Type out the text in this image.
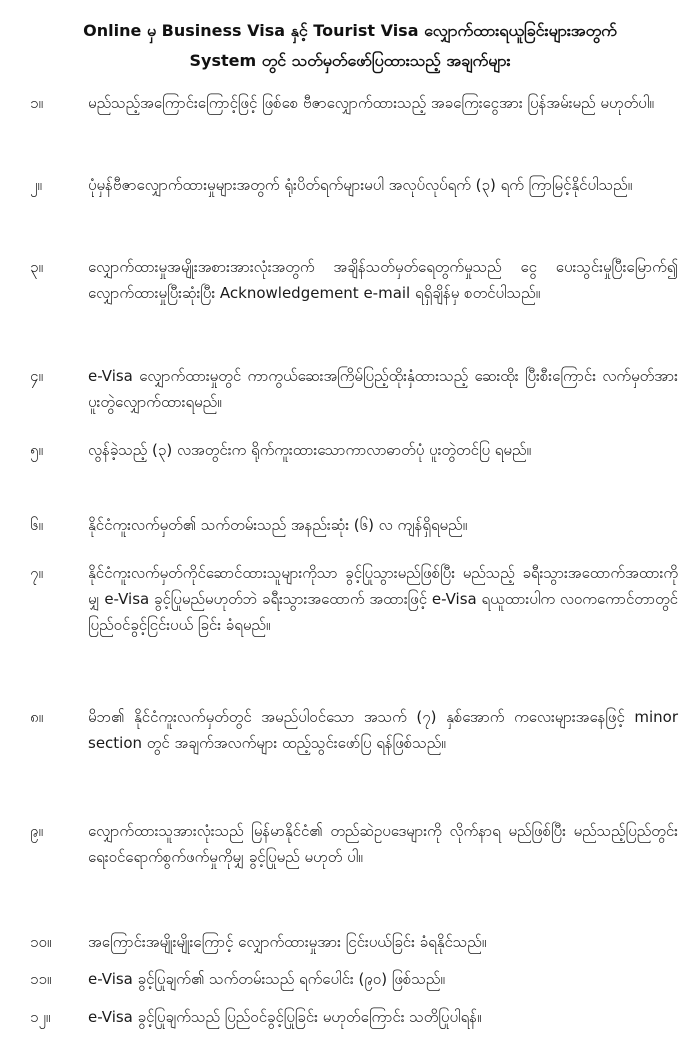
Online မှ Business Visa နှင့် Tourist Visa လျှောက်ထားရယူခြင်းများအတွက်
System တွင် သတ်မှတ်ဖော်ပြထားသည့် အချက်များ
၁။	မည်သည့်အကြောင်းကြောင့်ဖြင့် ဖြစ်စေ ဗီဇာလျှောက်ထားသည့် အခကြေးငွေအား ပြန်အမ်းမည် မဟုတ်ပါ။
၂။	ပုံမှန်ဗီဇာလျှောက်ထားမှုများအတွက် ရုံးပိတ်ရက်များမပါ အလုပ်လုပ်ရက် (၃) ရက် ကြာမြင့်နိုင်ပါသည်။
၃။	လျှောက်ထားမှုအမျိုးအစားအားလုံးအတွက် အချိန်သတ်မှတ်ရေတွက်မှုသည် ငွေ ပေးသွင်းမှုပြီးမြောက်၍ လျှောက်ထားမှုပြီးဆုံးပြီး Acknowledgement e-mail ရရှိချိန်မှ စတင်ပါသည်။
၄။	e-Visa လျှောက်ထားမှုတွင် ကာကွယ်ဆေးအကြိမ်ပြည့်ထိုးနှံထားသည့် ဆေးထိုး ပြီးစီးကြောင်း လက်မှတ်အား ပူးတွဲလျှောက်ထားရမည်။
၅။	လွန်ခဲ့သည့် (၃) လအတွင်းက ရိုက်ကူးထားသောကာလာဓာတ်ပုံ ပူးတွဲတင်ပြ ရမည်။
၆။	နိုင်ငံကူးလက်မှတ်၏ သက်တမ်းသည် အနည်းဆုံး (၆) လ ကျန်ရှိရမည်။
၇။	နိုင်ငံကူးလက်မှတ်ကိုင်ဆောင်ထားသူများကိုသာ ခွင့်ပြုသွားမည်ဖြစ်ပြီး မည်သည့် ခရီးသွားအထောက်အထားကိုမျှ e-Visa ခွင့်ပြုမည်မဟုတ်ဘဲ ခရီးသွားအထောက် အထားဖြင့် e-Visa ရယူထားပါက လဝကကောင်တာတွင် ပြည်ဝင်ခွင့်ငြင်းပယ် ခြင်း ခံရမည်။
၈။	မိဘ၏ နိုင်ငံကူးလက်မှတ်တွင် အမည်ပါဝင်သော အသက် (၇) နှစ်အောက် ကလေးများအနေဖြင့် minor section တွင် အချက်အလက်များ ထည့်သွင်းဖော်ပြ ရန်ဖြစ်သည်။
၉။	လျှောက်ထားသူအားလုံးသည် မြန်မာနိုင်ငံ၏ တည်ဆဲဥပဒေများကို လိုက်နာရ မည်ဖြစ်ပြီး မည်သည့်ပြည်တွင်းရေးဝင်ရောက်စွက်ဖက်မှုကိုမျှ ခွင့်ပြုမည် မဟုတ် ပါ။
၁၀။	အကြောင်းအမျိုးမျိုးကြောင့် လျှောက်ထားမှုအား ငြင်းပယ်ခြင်း ခံရနိုင်သည်။
၁၁။	e-Visa ခွင့်ပြုချက်၏ သက်တမ်းသည် ရက်ပေါင်း (၉၀) ဖြစ်သည်။
၁၂။	e-Visa ခွင့်ပြုချက်သည် ပြည်ဝင်ခွင့်ပြုခြင်း မဟုတ်ကြောင်း သတိပြုပါရန်။
